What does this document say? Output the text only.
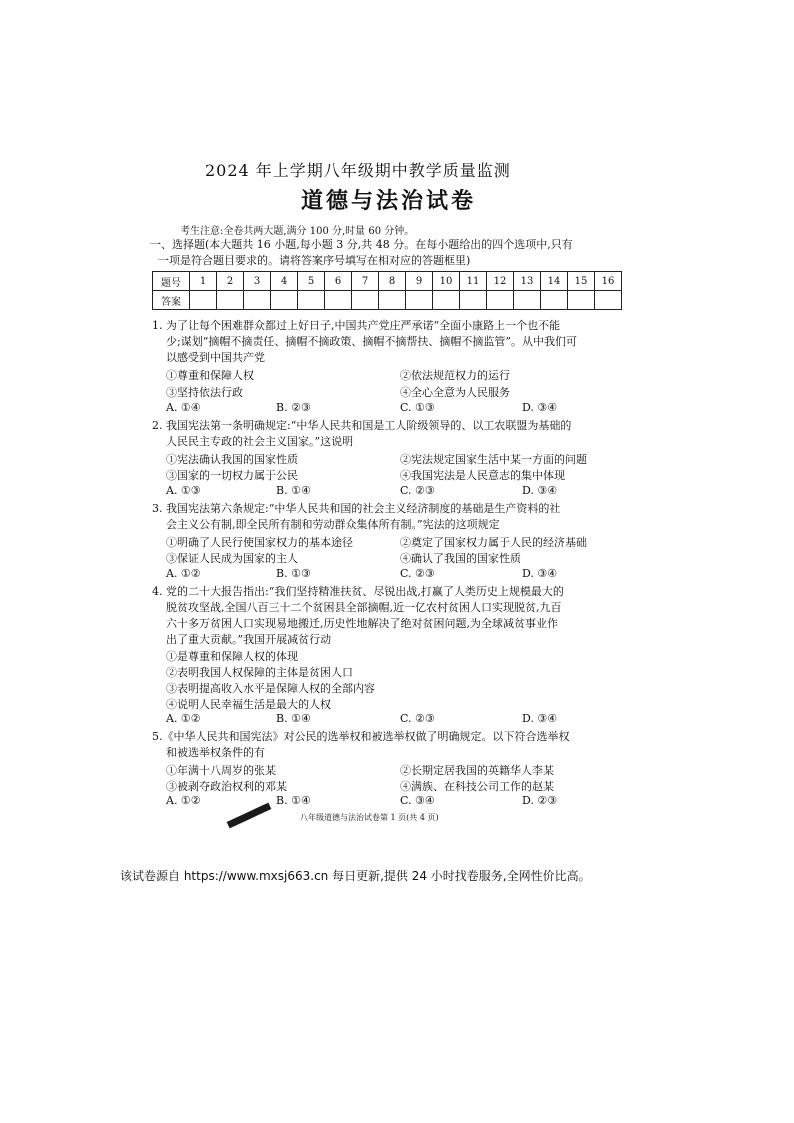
2024 年上学期八年级期中教学质量监测
道德与法治试卷
考生注意:全卷共两大题,满分 100 分,时量 60 分钟。
一、选择题(本大题共 16 小题,每小题 3 分,共 48 分。在每小题给出的四个选项中,只有
一项是符合题目要求的。请将答案序号填写在相对应的答题框里)
题号	1	2	3	4	5	6	7	8	9	10	11	12	13	14	15	16
答案																
1. 为了让每个困难群众都过上好日子,中国共产党庄严承诺“全面小康路上一个也不能
少;谋划“摘帽不摘责任、摘帽不摘政策、摘帽不摘帮扶、摘帽不摘监管”。从中我们可
以感受到中国共产党
①尊重和保障人权	②依法规范权力的运行
③坚持依法行政	④全心全意为人民服务
A. ①④	B. ②③	C. ①③	D. ③④
2. 我国宪法第一条明确规定:“中华人民共和国是工人阶级领导的、以工农联盟为基础的
人民民主专政的社会主义国家。”这说明
①宪法确认我国的国家性质	②宪法规定国家生活中某一方面的问题
③国家的一切权力属于公民	④我国宪法是人民意志的集中体现
A. ①③	B. ①④	C. ②③	D. ③④
3. 我国宪法第六条规定:“中华人民共和国的社会主义经济制度的基础是生产资料的社
会主义公有制,即全民所有制和劳动群众集体所有制。”宪法的这项规定
①明确了人民行使国家权力的基本途径	②奠定了国家权力属于人民的经济基础
③保证人民成为国家的主人	④确认了我国的国家性质
A. ①②	B. ①③	C. ②③	D. ③④
4. 党的二十大报告指出:“我们坚持精准扶贫、尽锐出战,打赢了人类历史上规模最大的
脱贫攻坚战,全国八百三十二个贫困县全部摘帽,近一亿农村贫困人口实现脱贫,九百
六十多万贫困人口实现易地搬迁,历史性地解决了绝对贫困问题,为全球减贫事业作
出了重大贡献。”我国开展减贫行动
①是尊重和保障人权的体现
②表明我国人权保障的主体是贫困人口
③表明提高收入水平是保障人权的全部内容
④说明人民幸福生活是最大的人权
A. ①②	B. ①④	C. ②③	D. ③④
5.《中华人民共和国宪法》对公民的选举权和被选举权做了明确规定。以下符合选举权
和被选举权条件的有
①年满十八周岁的张某	②长期定居我国的英籍华人李某
③被剥夺政治权利的邓某	④满族、在科技公司工作的赵某
A. ①②	B. ①④	C. ③④	D. ②③
八年级道德与法治试卷第 1 页(共 4 页)
该试卷源自 https://www.mxsj663.cn 每日更新,提供 24 小时找卷服务,全网性价比高。
